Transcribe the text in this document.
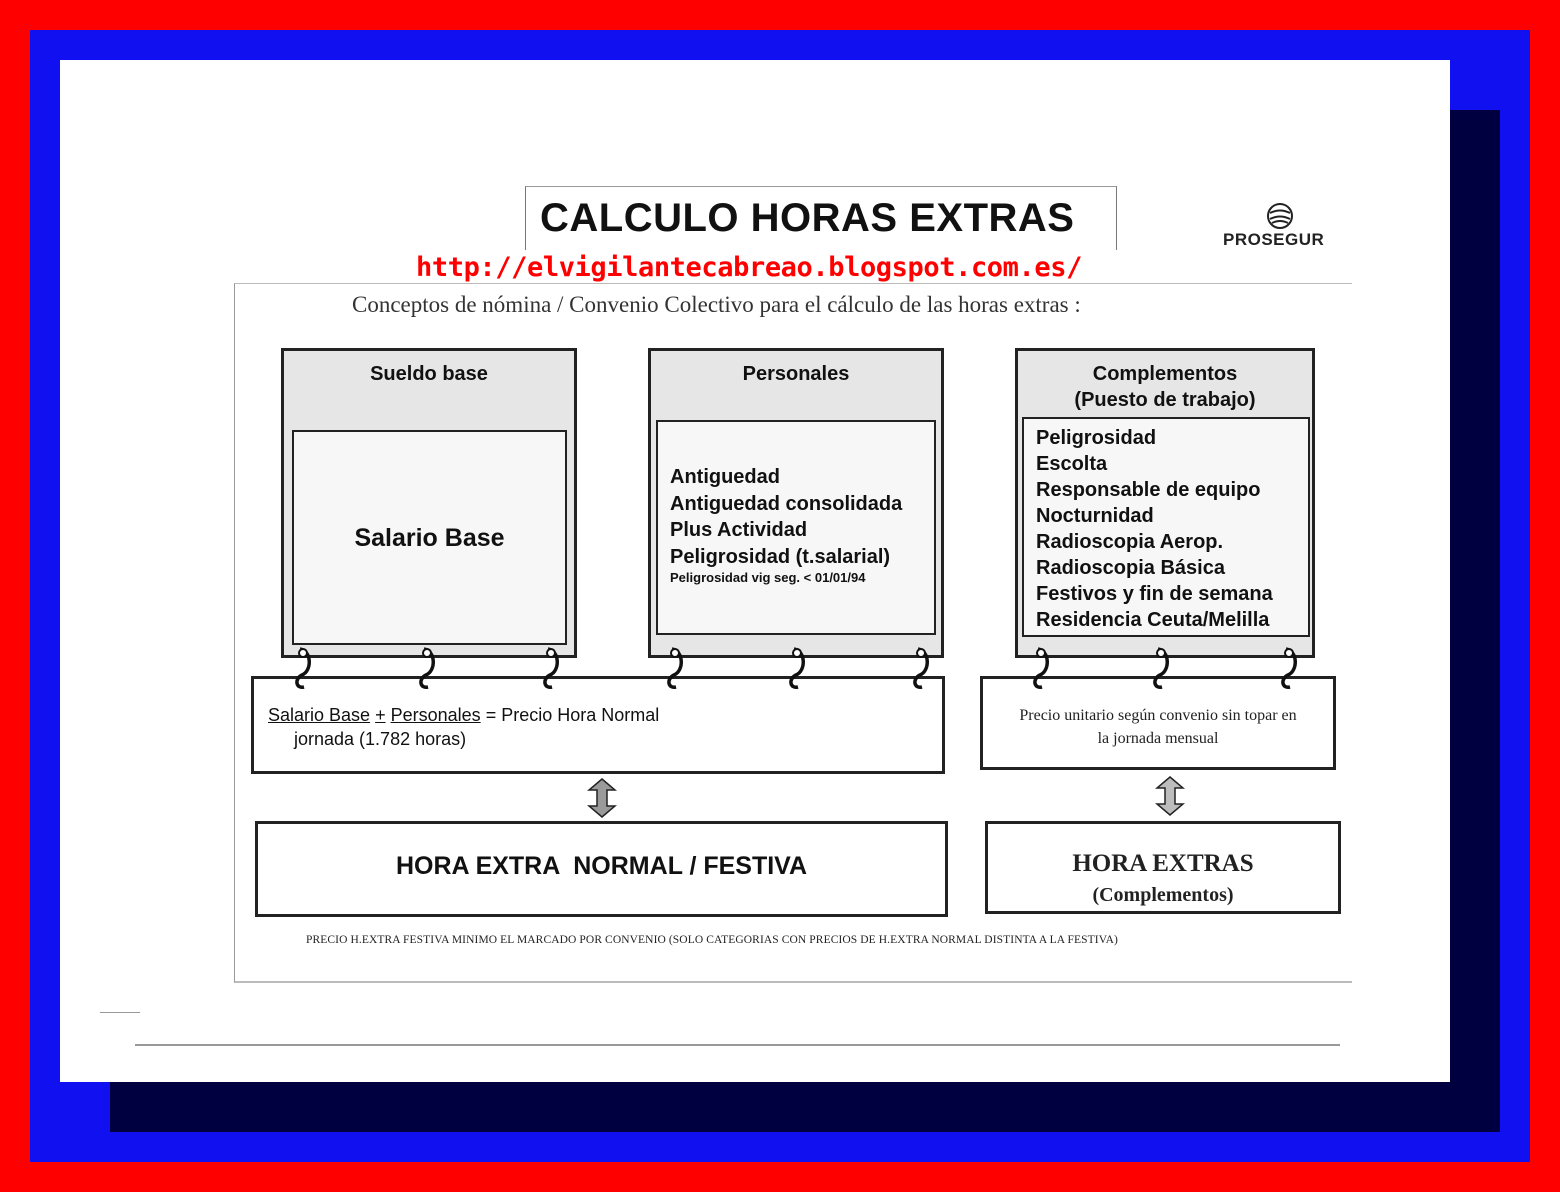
CALCULO HORAS EXTRAS	PROSEGUR
http://elvigilantecabreao.blogspot.com.es/
Conceptos de nómina / Convenio Colectivo para el cálculo de las horas extras :
Sueldo base
Salario Base
Personales
Antiguedad
Antiguedad consolidada
Plus Actividad
Peligrosidad (t.salarial)
Peligrosidad vig seg. < 01/01/94
Complementos
(Puesto de trabajo)
Peligrosidad
Escolta
Responsable de equipo
Nocturnidad
Radioscopia Aerop.
Radioscopia Básica
Festivos y fin de semana
Residencia Ceuta/Melilla
Salario Base + Personales = Precio Hora Normal
jornada (1.782 horas)
Precio unitario según convenio sin topar en
la jornada mensual
HORA EXTRA  NORMAL / FESTIVA	HORA EXTRAS
(Complementos)
PRECIO H.EXTRA FESTIVA MINIMO EL MARCADO POR CONVENIO (SOLO CATEGORIAS CON PRECIOS DE H.EXTRA NORMAL DISTINTA A LA FESTIVA)
